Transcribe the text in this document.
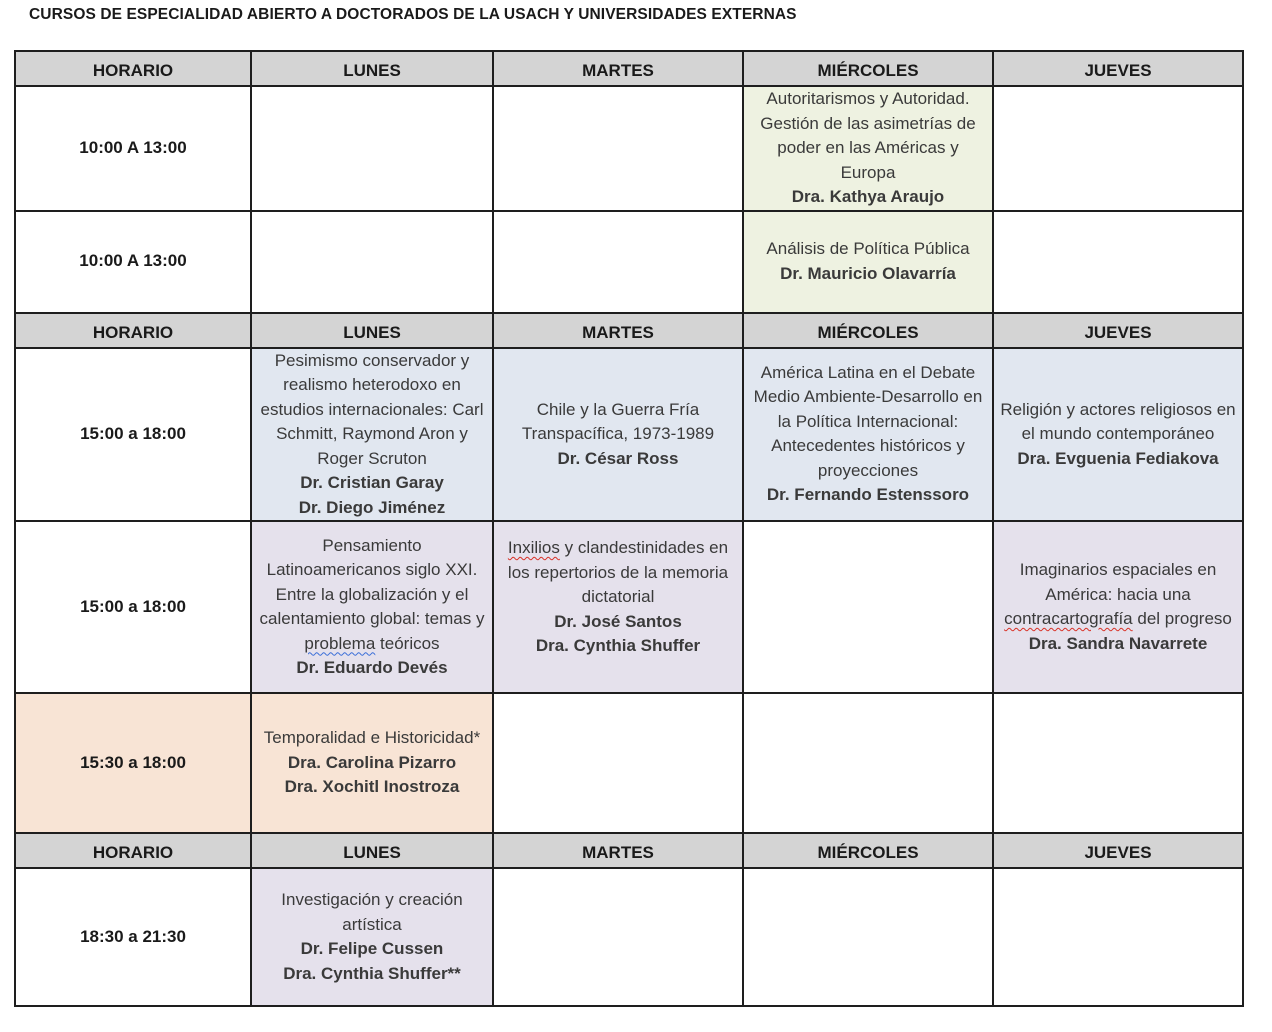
CURSOS DE ESPECIALIDAD ABIERTO A DOCTORADOS DE LA USACH Y UNIVERSIDADES EXTERNAS
HORARIO	LUNES	MARTES	MIÉRCOLES	JUEVES
10:00 A 13:00			Autoritarismos y Autoridad. Gestión de las asimetrías de poder en las Américas y Europa
Dra. Kathya Araujo	

10:00 A 13:00			Análisis de Política Pública
Dr. Mauricio Olavarría	

HORARIO	LUNES	MARTES	MIÉRCOLES	JUEVES
15:00 a 18:00	Pesimismo conservador y realismo heterodoxo en estudios internacionales: Carl Schmitt, Raymond Aron y Roger Scruton
Dr. Cristian Garay
Dr. Diego Jiménez	Chile y la Guerra Fría Transpacífica, 1973-1989
Dr. César Ross	América Latina en el Debate Medio Ambiente-Desarrollo en la Política Internacional: Antecedentes históricos y proyecciones
Dr. Fernando Estenssoro	Religión y actores religiosos en el mundo contemporáneo
Dra. Evguenia Fediakova

15:00 a 18:00	Pensamiento Latinoamericanos siglo XXI. Entre la globalización y el calentamiento global: temas y problema teóricos
Dr. Eduardo Devés	Inxilios y clandestinidades en los repertorios de la memoria dictatorial
Dr. José Santos
Dra. Cynthia Shuffer		Imaginarios espaciales en América: hacia una contracartografía del progreso
Dra. Sandra Navarrete

15:30 a 18:00	Temporalidad e Historicidad*
Dra. Carolina Pizarro
Dra. Xochitl Inostroza			

HORARIO	LUNES	MARTES	MIÉRCOLES	JUEVES
18:30 a 21:30	Investigación y creación artística
Dr. Felipe Cussen
Dra. Cynthia Shuffer**			
